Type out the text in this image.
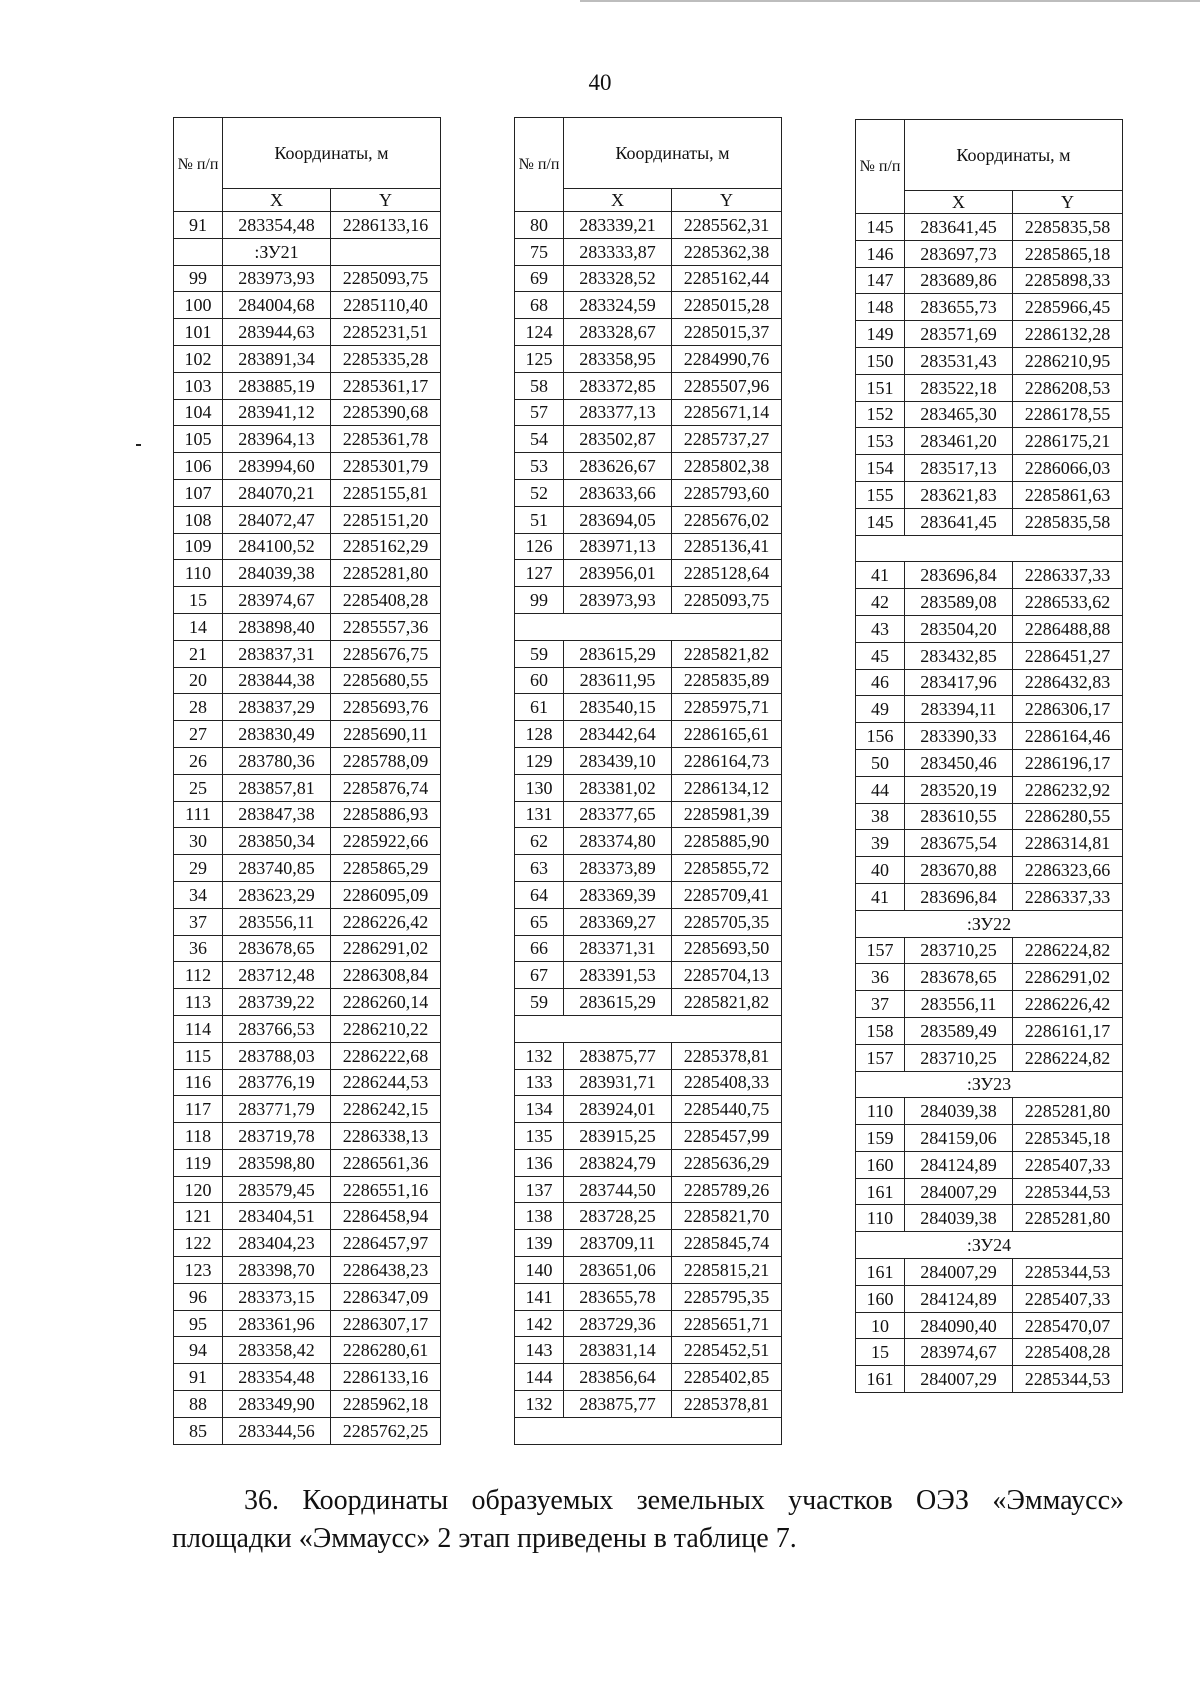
40
№ п/п	Координаты, м	
	X	Y
91	283354,48	2286133,16
	:ЗУ21	
99	283973,93	2285093,75
100	284004,68	2285110,40
101	283944,63	2285231,51
102	283891,34	2285335,28
103	283885,19	2285361,17
104	283941,12	2285390,68
105	283964,13	2285361,78
106	283994,60	2285301,79
107	284070,21	2285155,81
108	284072,47	2285151,20
109	284100,52	2285162,29
110	284039,38	2285281,80
15	283974,67	2285408,28
14	283898,40	2285557,36
21	283837,31	2285676,75
20	283844,38	2285680,55
28	283837,29	2285693,76
27	283830,49	2285690,11
26	283780,36	2285788,09
25	283857,81	2285876,74
111	283847,38	2285886,93
30	283850,34	2285922,66
29	283740,85	2285865,29
34	283623,29	2286095,09
37	283556,11	2286226,42
36	283678,65	2286291,02
112	283712,48	2286308,84
113	283739,22	2286260,14
114	283766,53	2286210,22
115	283788,03	2286222,68
116	283776,19	2286244,53
117	283771,79	2286242,15
118	283719,78	2286338,13
119	283598,80	2286561,36
120	283579,45	2286551,16
121	283404,51	2286458,94
122	283404,23	2286457,97
123	283398,70	2286438,23
96	283373,15	2286347,09
95	283361,96	2286307,17
94	283358,42	2286280,61
91	283354,48	2286133,16
88	283349,90	2285962,18
85	283344,56	2285762,25
№ п/п	Координаты, м	
	X	Y
80	283339,21	2285562,31
75	283333,87	2285362,38
69	283328,52	2285162,44
68	283324,59	2285015,28
124	283328,67	2285015,37
125	283358,95	2284990,76
58	283372,85	2285507,96
57	283377,13	2285671,14
54	283502,87	2285737,27
53	283626,67	2285802,38
52	283633,66	2285793,60
51	283694,05	2285676,02
126	283971,13	2285136,41
127	283956,01	2285128,64
99	283973,93	2285093,75

59	283615,29	2285821,82
60	283611,95	2285835,89
61	283540,15	2285975,71
128	283442,64	2286165,61
129	283439,10	2286164,73
130	283381,02	2286134,12
131	283377,65	2285981,39
62	283374,80	2285885,90
63	283373,89	2285855,72
64	283369,39	2285709,41
65	283369,27	2285705,35
66	283371,31	2285693,50
67	283391,53	2285704,13
59	283615,29	2285821,82

132	283875,77	2285378,81
133	283931,71	2285408,33
134	283924,01	2285440,75
135	283915,25	2285457,99
136	283824,79	2285636,29
137	283744,50	2285789,26
138	283728,25	2285821,70
139	283709,11	2285845,74
140	283651,06	2285815,21
141	283655,78	2285795,35
142	283729,36	2285651,71
143	283831,14	2285452,51
144	283856,64	2285402,85
132	283875,77	2285378,81

№ п/п	Координаты, м	
	X	Y
145	283641,45	2285835,58
146	283697,73	2285865,18
147	283689,86	2285898,33
148	283655,73	2285966,45
149	283571,69	2286132,28
150	283531,43	2286210,95
151	283522,18	2286208,53
152	283465,30	2286178,55
153	283461,20	2286175,21
154	283517,13	2286066,03
155	283621,83	2285861,63
145	283641,45	2285835,58

41	283696,84	2286337,33
42	283589,08	2286533,62
43	283504,20	2286488,88
45	283432,85	2286451,27
46	283417,96	2286432,83
49	283394,11	2286306,17
156	283390,33	2286164,46
50	283450,46	2286196,17
44	283520,19	2286232,92
38	283610,55	2286280,55
39	283675,54	2286314,81
40	283670,88	2286323,66
41	283696,84	2286337,33
:ЗУ22		
157	283710,25	2286224,82
36	283678,65	2286291,02
37	283556,11	2286226,42
158	283589,49	2286161,17
157	283710,25	2286224,82
:ЗУ23		
110	284039,38	2285281,80
159	284159,06	2285345,18
160	284124,89	2285407,33
161	284007,29	2285344,53
110	284039,38	2285281,80
:ЗУ24		
161	284007,29	2285344,53
160	284124,89	2285407,33
10	284090,40	2285470,07
15	283974,67	2285408,28
161	284007,29	2285344,53
36. Координаты образуемых земельных участков ОЭЗ «Эммаусс»
площадки «Эммаусс» 2 этап приведены в таблице 7.
